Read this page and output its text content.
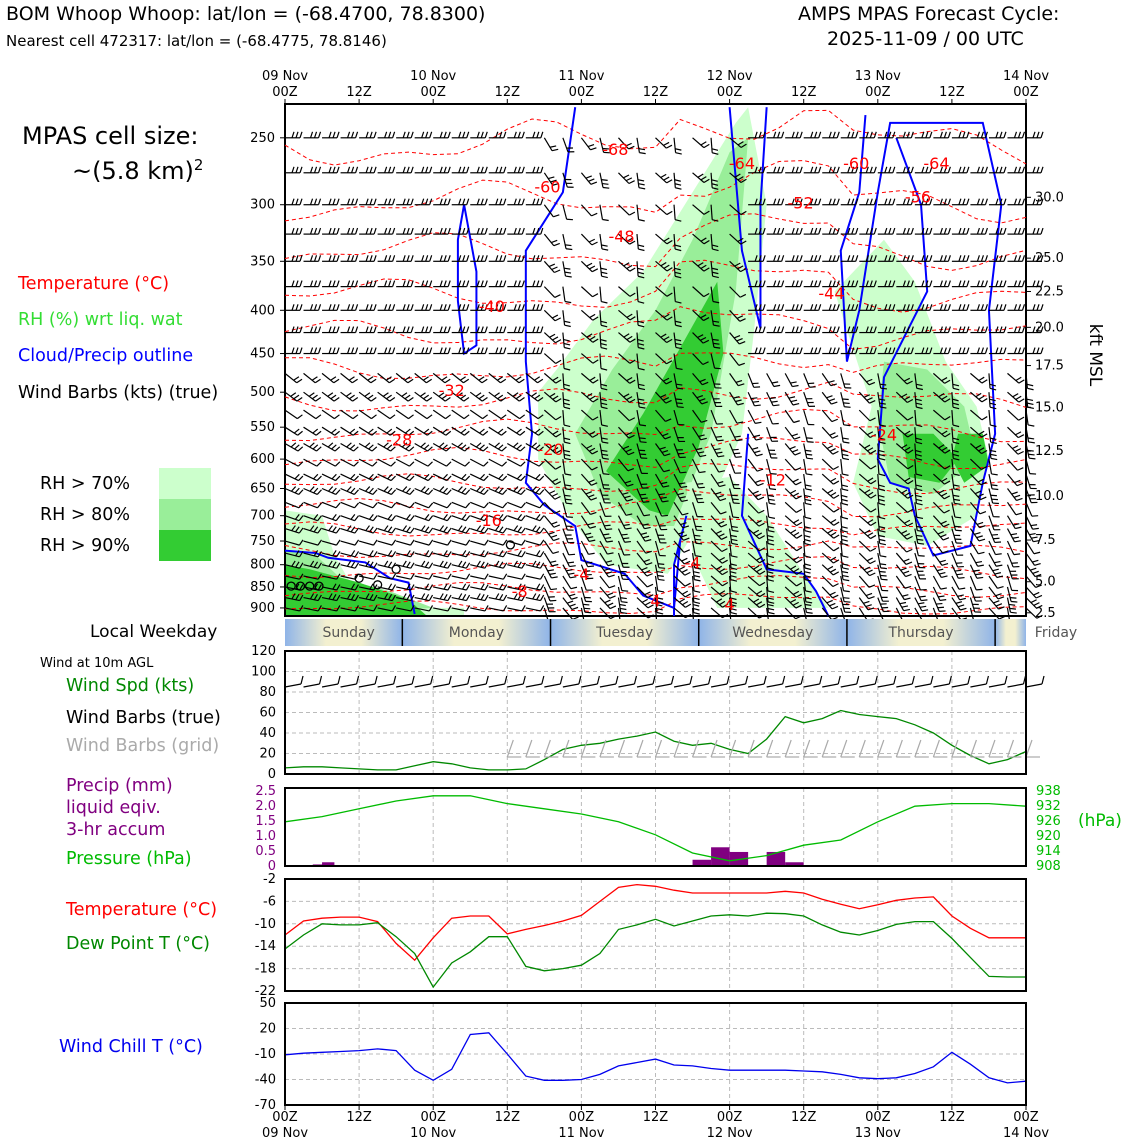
BOM Whoop Whoop: lat/lon = (-68.4700, 78.8300)
Nearest cell 472317: lat/lon = (-68.4775, 78.8146)
AMPS MPAS Forecast Cycle:
2025-11-09 / 00 UTC
MPAS cell size:
~(5.8 km)$^2$
Temperature (°C)
RH (%) wrt liq. wat
Cloud/Precip outline
Wind Barbs (kts) (true)
RH > 70%
RH > 80%
RH > 90%
Local Weekday
Wind at 10m AGL
Wind Spd (kts)
Wind Barbs (true)
Wind Barbs (grid)
Precip (mm)
liquid eqiv.
3-hr accum
Pressure (hPa)
Temperature (°C)
Dew Point T (°C)
Wind Chill T (°C)
-68
-64	-64
-60
-60
-56
-52
-48
-44
-40
-32
-28	-24
-20
-12
-16
-4
-4
-8
4	4
250
300
350
400
450
500
550
600
650
700
750
800
850
900
30.0
25.0
22.5
20.0
17.5
15.0
12.5
10.0
7.5
5.0
2.5
kft MSL
09 Nov
00Z	12Z
10 Nov
00Z	12Z
11 Nov
00Z	12Z
12 Nov
00Z	12Z
13 Nov
00Z	12Z
14 Nov
00Z
Sunday	Monday	Tuesday	Wednesday	Thursday	Friday
0
20
40
60
80
100
120
0
0.5
1.0
1.5
2.0
2.5
908
914
920
926
932
938
(hPa)
-22
-18
-14
-10
-6
-2
-70
-40
-10
20
50
00Z
09 Nov
12Z	00Z
10 Nov
12Z	00Z
11 Nov
12Z	00Z
12 Nov
12Z	00Z
13 Nov
12Z	00Z
14 Nov
